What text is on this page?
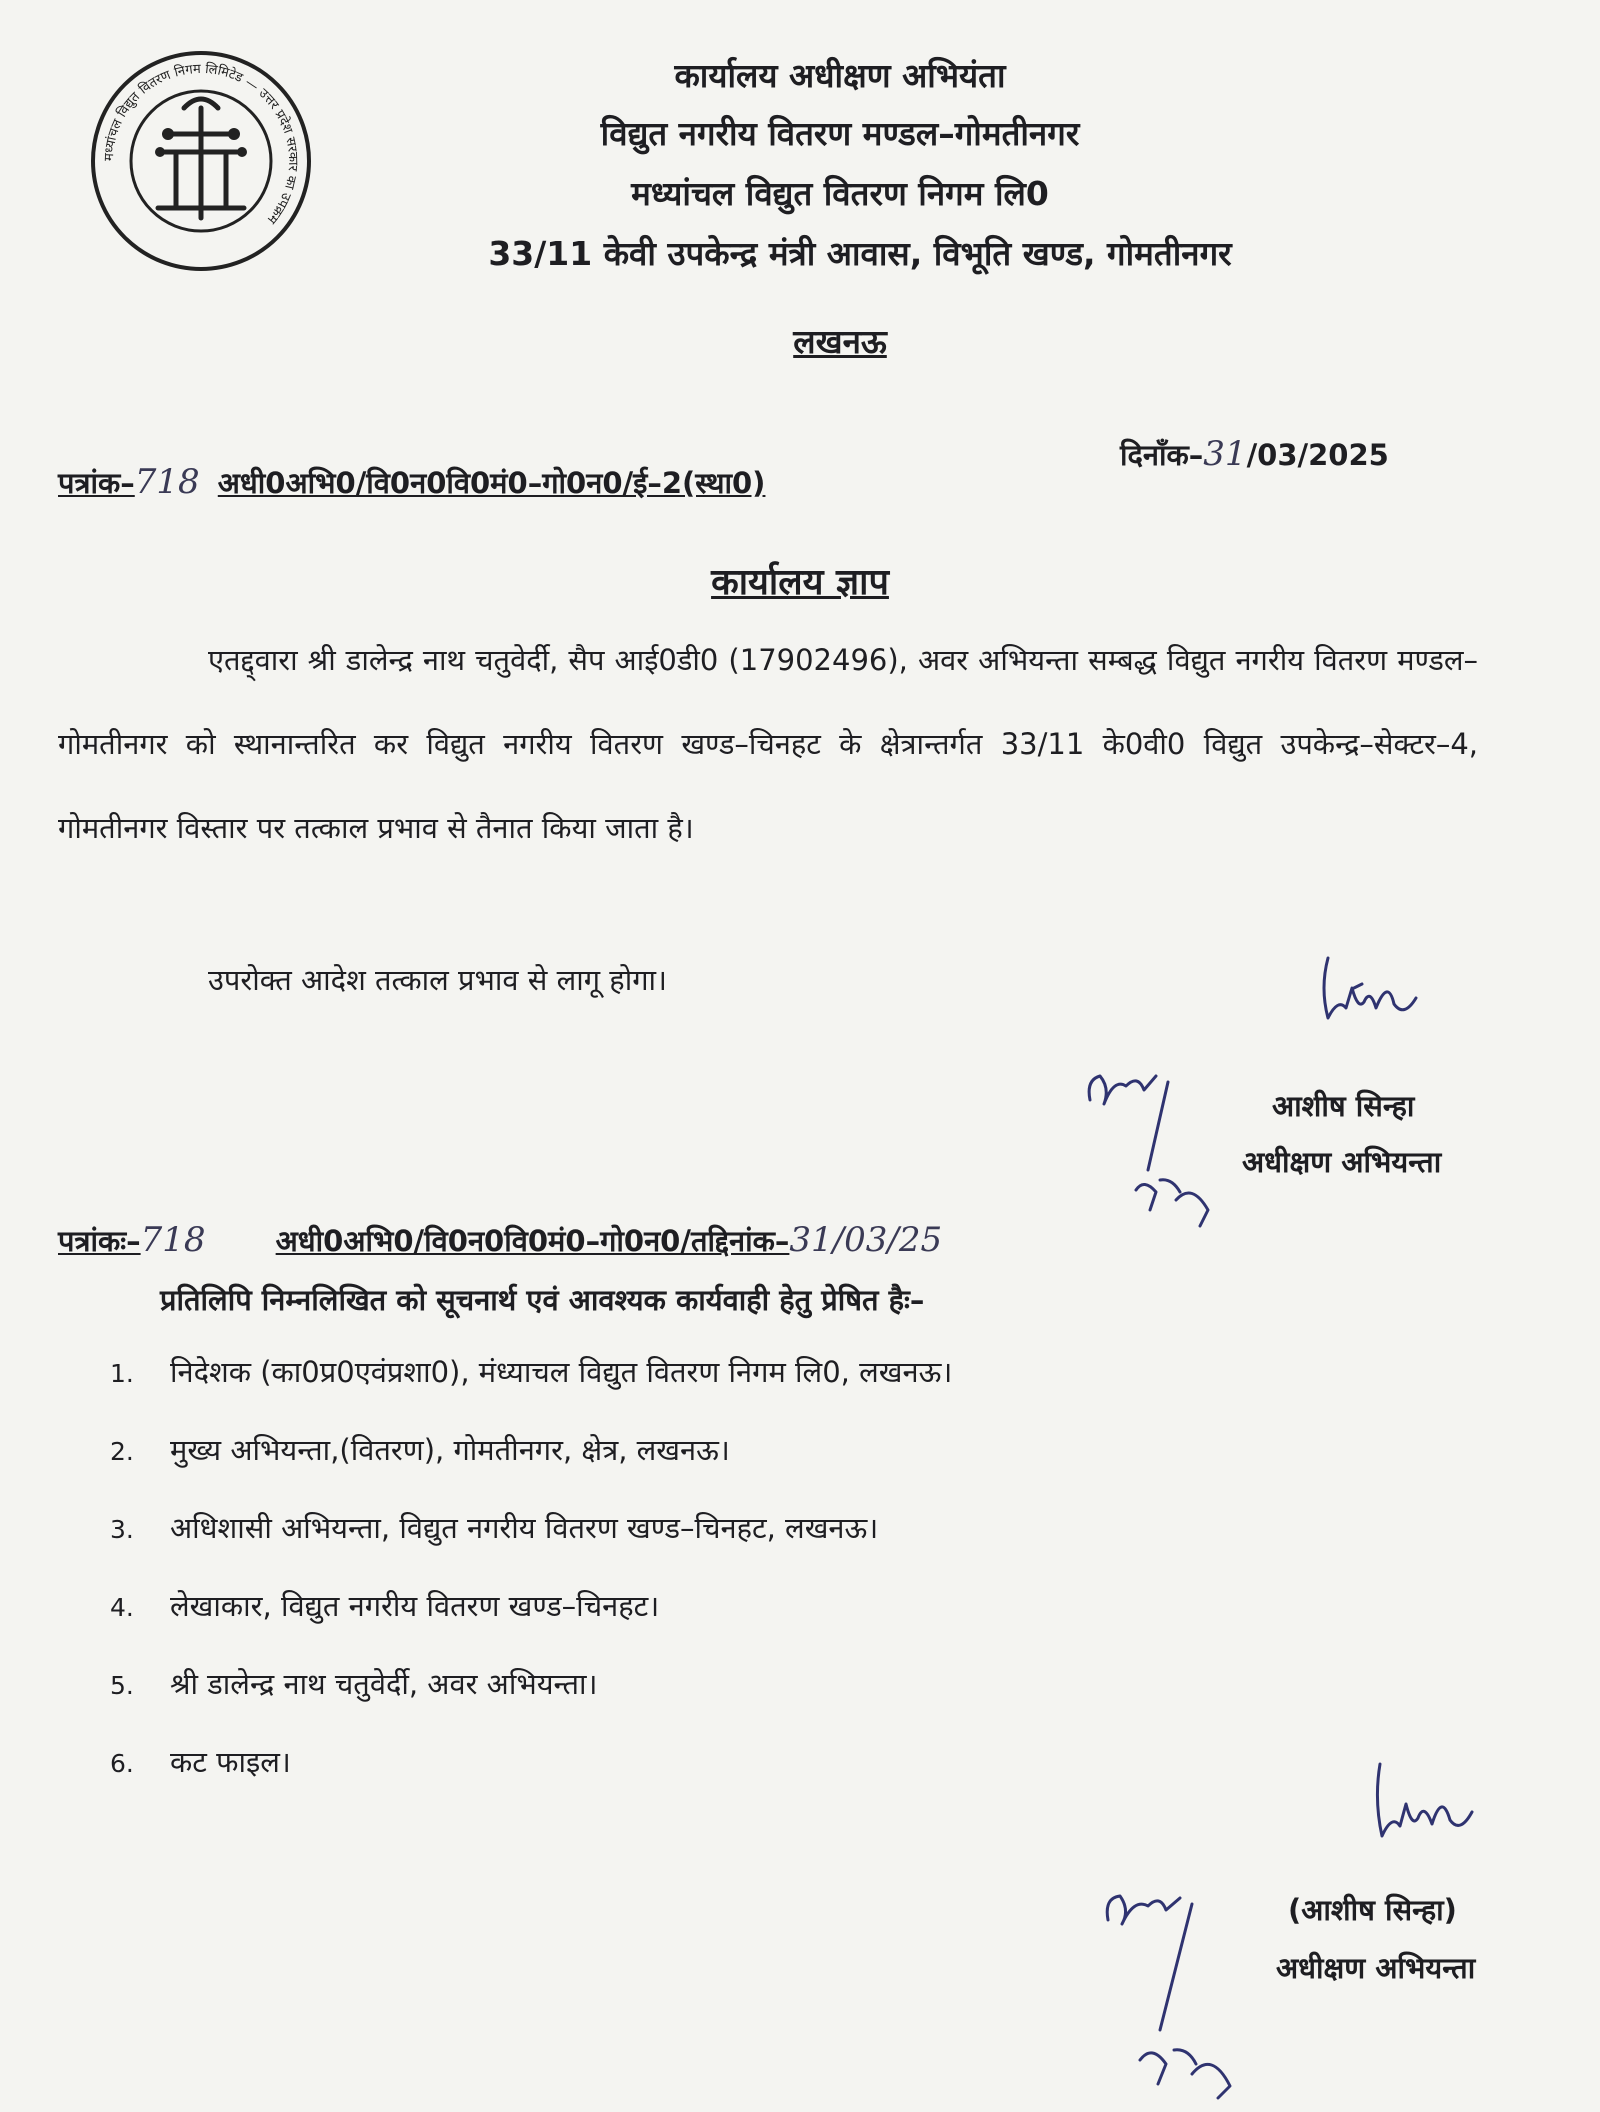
मध्यांचल विद्युत वितरण निगम लिमिटेड — उत्तर प्रदेश सरकार का उपक्रम
कार्यालय अधीक्षण अभियंता
विद्युत नगरीय वितरण मण्डल–गोमतीनगर
मध्यांचल विद्युत वितरण निगम लि0
33/11 केवी उपकेन्द्र मंत्री आवास, विभूति खण्ड, गोमतीनगर
लखनऊ
पत्रांक–718 अधी0अभि0/वि0न0वि0मं0–गो0न0/ई–2(स्था0)
दिनाँक–31/03/2025
कार्यालय ज्ञाप
एतद्द्वारा श्री डालेन्द्र नाथ चतुवेर्दी, सैप आई0डी0 (17902496), अवर अभियन्ता सम्बद्ध विद्युत नगरीय वितरण मण्डल–गोमतीनगर को स्थानान्तरित कर विद्युत नगरीय वितरण खण्ड–चिनहट के क्षेत्रान्तर्गत 33/11 के0वी0 विद्युत उपकेन्द्र–सेक्टर–4, गोमतीनगर विस्तार पर तत्काल प्रभाव से तैनात किया जाता है।
उपरोक्त आदेश तत्काल प्रभाव से लागू होगा।
आशीष सिन्हा
अधीक्षण अभियन्ता
पत्रांकः–718 अधी0अभि0/वि0न0वि0मं0–गो0न0/तद्दिनांक–31/03/25
प्रतिलिपि निम्नलिखित को सूचनार्थ एवं आवश्यक कार्यवाही हेतु प्रेषित हैः–
1.	निदेशक (का0प्र0एवंप्रशा0), मंध्याचल विद्युत वितरण निगम लि0, लखनऊ।
2.	मुख्य अभियन्ता,(वितरण), गोमतीनगर, क्षेत्र, लखनऊ।
3.	अधिशासी अभियन्ता, विद्युत नगरीय वितरण खण्ड–चिनहट, लखनऊ।
4.	लेखाकार, विद्युत नगरीय वितरण खण्ड–चिनहट।
5.	श्री डालेन्द्र नाथ चतुवेर्दी, अवर अभियन्ता।
6.	कट फाइल।
(आशीष सिन्हा)
अधीक्षण अभियन्ता
